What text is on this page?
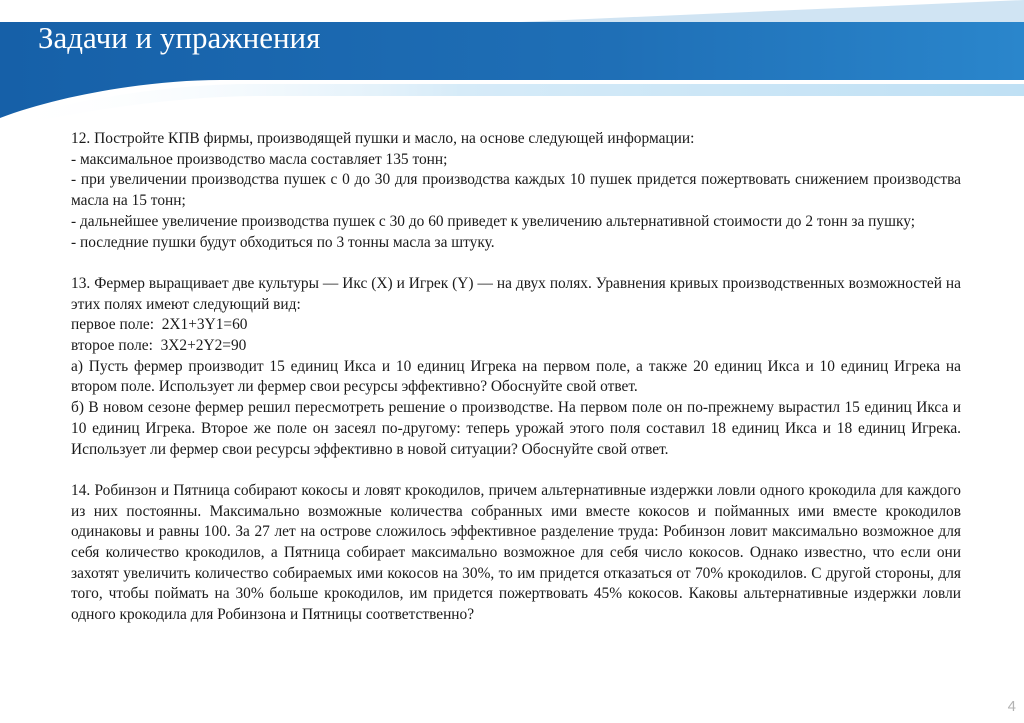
Задачи и упражнения

12. Постройте КПВ фирмы, производящей пушки и масло, на основе следующей информации:

- максимальное производство масла составляет 135 тонн;

- при увеличении производства пушек с 0 до 30 для производства каждых 10 пушек придется пожертвовать снижением производства масла на 15 тонн;

- дальнейшее увеличение производства пушек с 30 до 60 приведет к увеличению альтернативной стоимости до 2 тонн за пушку;

- последние пушки будут обходиться по 3 тонны масла за штуку.

13. Фермер выращивает две культуры — Икс (X) и Игрек (Y) — на двух полях. Уравнения кривых производственных возможностей на этих полях имеют следующий вид:

первое поле:  2X1+3Y1=60

второе поле:  3X2+2Y2=90

а) Пусть фермер производит 15 единиц Икса и 10 единиц Игрека на первом поле, а также 20 единиц Икса и 10 единиц Игрека на втором поле. Использует ли фермер свои ресурсы эффективно? Обоснуйте свой ответ.

б) В новом сезоне фермер решил пересмотреть решение о производстве. На первом поле он по-прежнему вырастил 15 единиц Икса и 10 единиц Игрека. Второе же поле он засеял по-другому: теперь урожай этого поля составил 18 единиц Икса и 18 единиц Игрека. Использует ли фермер свои ресурсы эффективно в новой ситуации? Обоснуйте свой ответ.

14. Робинзон и Пятница собирают кокосы и ловят крокодилов, причем альтернативные издержки ловли одного крокодила для каждого из них постоянны. Максимально возможные количества собранных ими вместе кокосов и пойманных ими вместе крокодилов одинаковы и равны 100. За 27 лет на острове сложилось эффективное разделение труда: Робинзон ловит максимально возможное для себя количество крокодилов, а Пятница собирает максимально возможное для себя число кокосов. Однако известно, что если они захотят увеличить количество собираемых ими кокосов на 30%, то им придется отказаться от 70% крокодилов. С другой стороны, для того, чтобы поймать на 30% больше крокодилов, им придется пожертвовать 45% кокосов. Каковы альтернативные издержки ловли одного крокодила для Робинзона и Пятницы соответственно?

4
